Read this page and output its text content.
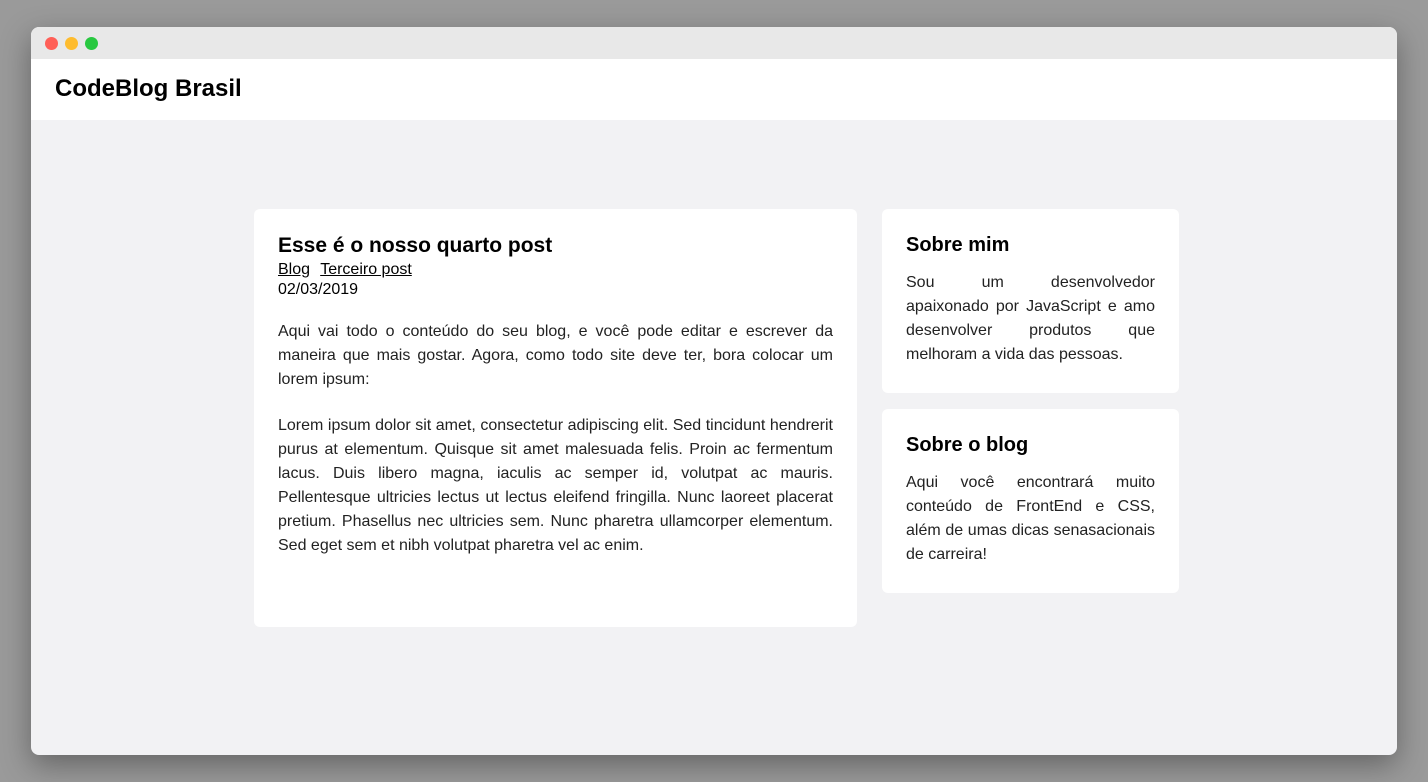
CodeBlog Brasil
Esse é o nosso quarto post
Blog Terceiro post
02/03/2019

Aqui vai todo o conteúdo do seu blog, e você pode editar e escrever da maneira que mais gostar. Agora, como todo site deve ter, bora colocar um lorem ipsum:

Lorem ipsum dolor sit amet, consectetur adipiscing elit. Sed tincidunt hendrerit purus at elementum. Quisque sit amet malesuada felis. Proin ac fermentum lacus. Duis libero magna, iaculis ac semper id, volutpat ac mauris. Pellentesque ultricies lectus ut lectus eleifend fringilla. Nunc laoreet placerat pretium. Phasellus nec ultricies sem. Nunc pharetra ullamcorper elementum. Sed eget sem et nibh volutpat pharetra vel ac enim.

Sobre mim

Sou um desenvolvedor apaixonado por JavaScript e amo desenvolver produtos que melhoram a vida das pessoas.

Sobre o blog

Aqui você encontrará muito conteúdo de FrontEnd e CSS, além de umas dicas senasacionais de carreira!
